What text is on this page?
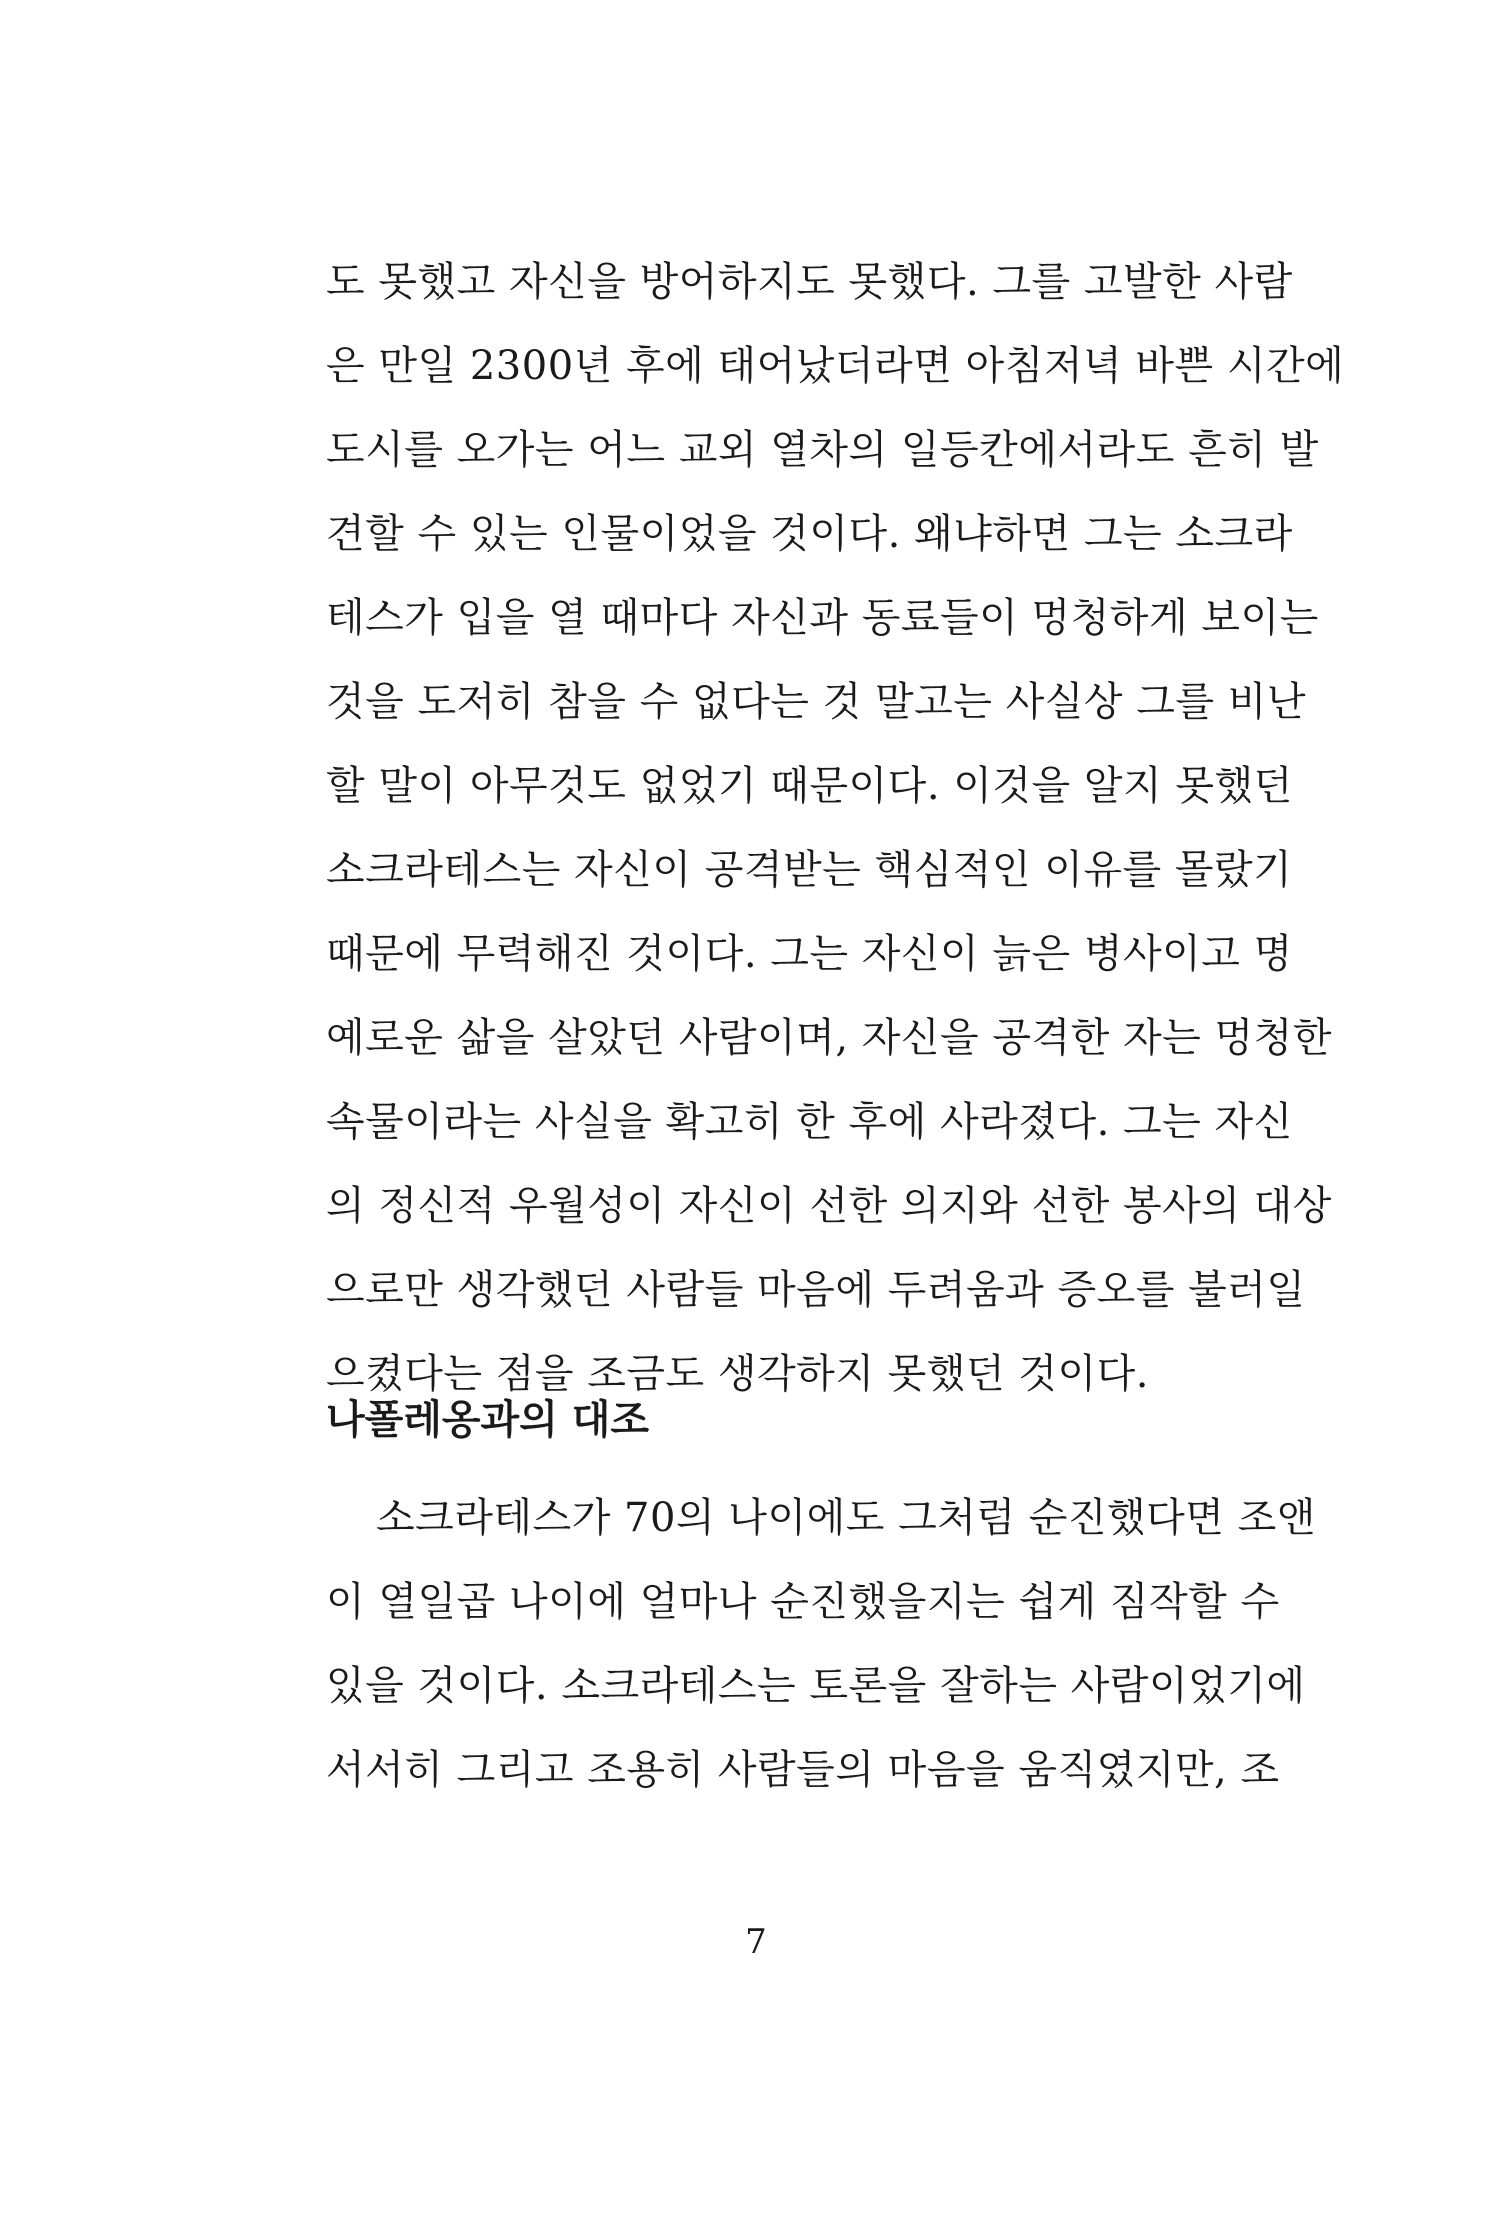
도 못했고 자신을 방어하지도 못했다. 그를 고발한 사람
은 만일 2300년 후에 태어났더라면 아침저녁 바쁜 시간에
도시를 오가는 어느 교외 열차의 일등칸에서라도 흔히 발
견할 수 있는 인물이었을 것이다. 왜냐하면 그는 소크라
테스가 입을 열 때마다 자신과 동료들이 멍청하게 보이는
것을 도저히 참을 수 없다는 것 말고는 사실상 그를 비난
할 말이 아무것도 없었기 때문이다. 이것을 알지 못했던
소크라테스는 자신이 공격받는 핵심적인 이유를 몰랐기
때문에 무력해진 것이다. 그는 자신이 늙은 병사이고 명
예로운 삶을 살았던 사람이며, 자신을 공격한 자는 멍청한
속물이라는 사실을 확고히 한 후에 사라졌다. 그는 자신
의 정신적 우월성이 자신이 선한 의지와 선한 봉사의 대상
으로만 생각했던 사람들 마음에 두려움과 증오를 불러일
으켰다는 점을 조금도 생각하지 못했던 것이다.
나폴레옹과의 대조
소크라테스가 70의 나이에도 그처럼 순진했다면 조앤
이 열일곱 나이에 얼마나 순진했을지는 쉽게 짐작할 수
있을 것이다. 소크라테스는 토론을 잘하는 사람이었기에
서서히 그리고 조용히 사람들의 마음을 움직였지만, 조
7
